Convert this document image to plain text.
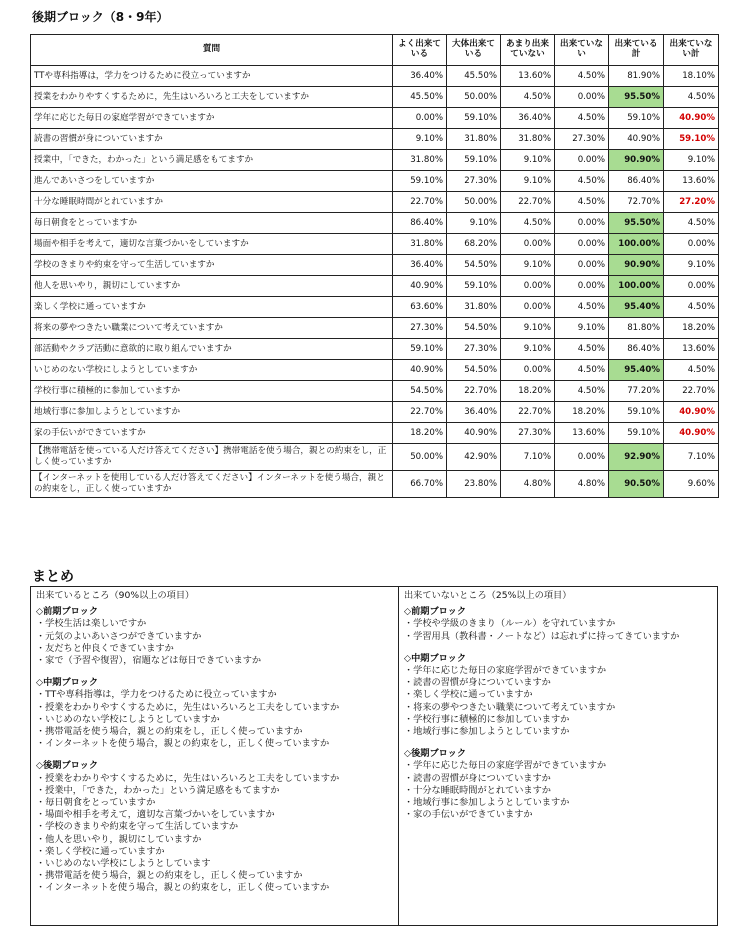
後期ブロック（8・9年）
質問	よく出来ている	大体出来ている	あまり出来ていない	出来ていない	出来ている計	出来ていない計
TTや専科指導は，学力をつけるために役立っていますか	36.40%	45.50%	13.60%	4.50%	81.90%	18.10%
授業をわかりやすくするために，先生はいろいろと工夫をしていますか	45.50%	50.00%	4.50%	0.00%	95.50%	4.50%
学年に応じた毎日の家庭学習ができていますか	0.00%	59.10%	36.40%	4.50%	59.10%	40.90%
読書の習慣が身についていますか	9.10%	31.80%	31.80%	27.30%	40.90%	59.10%
授業中，「できた，わかった」という満足感をもてますか	31.80%	59.10%	9.10%	0.00%	90.90%	9.10%
進んであいさつをしていますか	59.10%	27.30%	9.10%	4.50%	86.40%	13.60%
十分な睡眠時間がとれていますか	22.70%	50.00%	22.70%	4.50%	72.70%	27.20%
毎日朝食をとっていますか	86.40%	9.10%	4.50%	0.00%	95.50%	4.50%
場面や相手を考えて，適切な言葉づかいをしていますか	31.80%	68.20%	0.00%	0.00%	100.00%	0.00%
学校のきまりや約束を守って生活していますか	36.40%	54.50%	9.10%	0.00%	90.90%	9.10%
他人を思いやり，親切にしていますか	40.90%	59.10%	0.00%	0.00%	100.00%	0.00%
楽しく学校に通っていますか	63.60%	31.80%	0.00%	4.50%	95.40%	4.50%
将来の夢やつきたい職業について考えていますか	27.30%	54.50%	9.10%	9.10%	81.80%	18.20%
部活動やクラブ活動に意欲的に取り組んでいますか	59.10%	27.30%	9.10%	4.50%	86.40%	13.60%
いじめのない学校にしようとしていますか	40.90%	54.50%	0.00%	4.50%	95.40%	4.50%
学校行事に積極的に参加していますか	54.50%	22.70%	18.20%	4.50%	77.20%	22.70%
地域行事に参加しようとしていますか	22.70%	36.40%	22.70%	18.20%	59.10%	40.90%
家の手伝いができていますか	18.20%	40.90%	27.30%	13.60%	59.10%	40.90%
【携帯電話を使っている人だけ答えてください】携帯電話を使う場合，親との約束をし，正しく使っていますか	50.00%	42.90%	7.10%	0.00%	92.90%	7.10%
【インターネットを使用している人だけ答えてください】インターネットを使う場合，親との約束をし，正しく使っていますか	66.70%	23.80%	4.80%	4.80%	90.50%	9.60%
まとめ
出来ているところ（90%以上の項目）
◇前期ブロック
・学校生活は楽しいですか
・元気のよいあいさつができていますか
・友だちと仲良くできていますか
・家で（予習や復習），宿題などは毎日できていますか
◇中期ブロック
・TTや専科指導は，学力をつけるために役立っていますか
・授業をわかりやすくするために，先生はいろいろと工夫をしていますか
・いじめのない学校にしようとしていますか
・携帯電話を使う場合，親との約束をし，正しく使っていますか
・インターネットを使う場合，親との約束をし，正しく使っていますか
◇後期ブロック
・授業をわかりやすくするために，先生はいろいろと工夫をしていますか
・授業中，「できた，わかった」という満足感をもてますか
・毎日朝食をとっていますか
・場面や相手を考えて，適切な言葉づかいをしていますか
・学校のきまりや約束を守って生活していますか
・他人を思いやり，親切にしていますか
・楽しく学校に通っていますか
・いじめのない学校にしようとしています
・携帯電話を使う場合，親との約束をし，正しく使っていますか
・インターネットを使う場合，親との約束をし，正しく使っていますか
出来ていないところ（25%以上の項目）
◇前期ブロック
・学校や学級のきまり（ルール）を守れていますか
・学習用具（教科書・ノートなど）は忘れずに持ってきていますか
◇中期ブロック
・学年に応じた毎日の家庭学習ができていますか
・読書の習慣が身についていますか
・楽しく学校に通っていますか
・将来の夢やつきたい職業について考えていますか
・学校行事に積極的に参加していますか
・地域行事に参加しようとしていますか
◇後期ブロック
・学年に応じた毎日の家庭学習ができていますか
・読書の習慣が身についていますか
・十分な睡眠時間がとれていますか
・地域行事に参加しようとしていますか
・家の手伝いができていますか
